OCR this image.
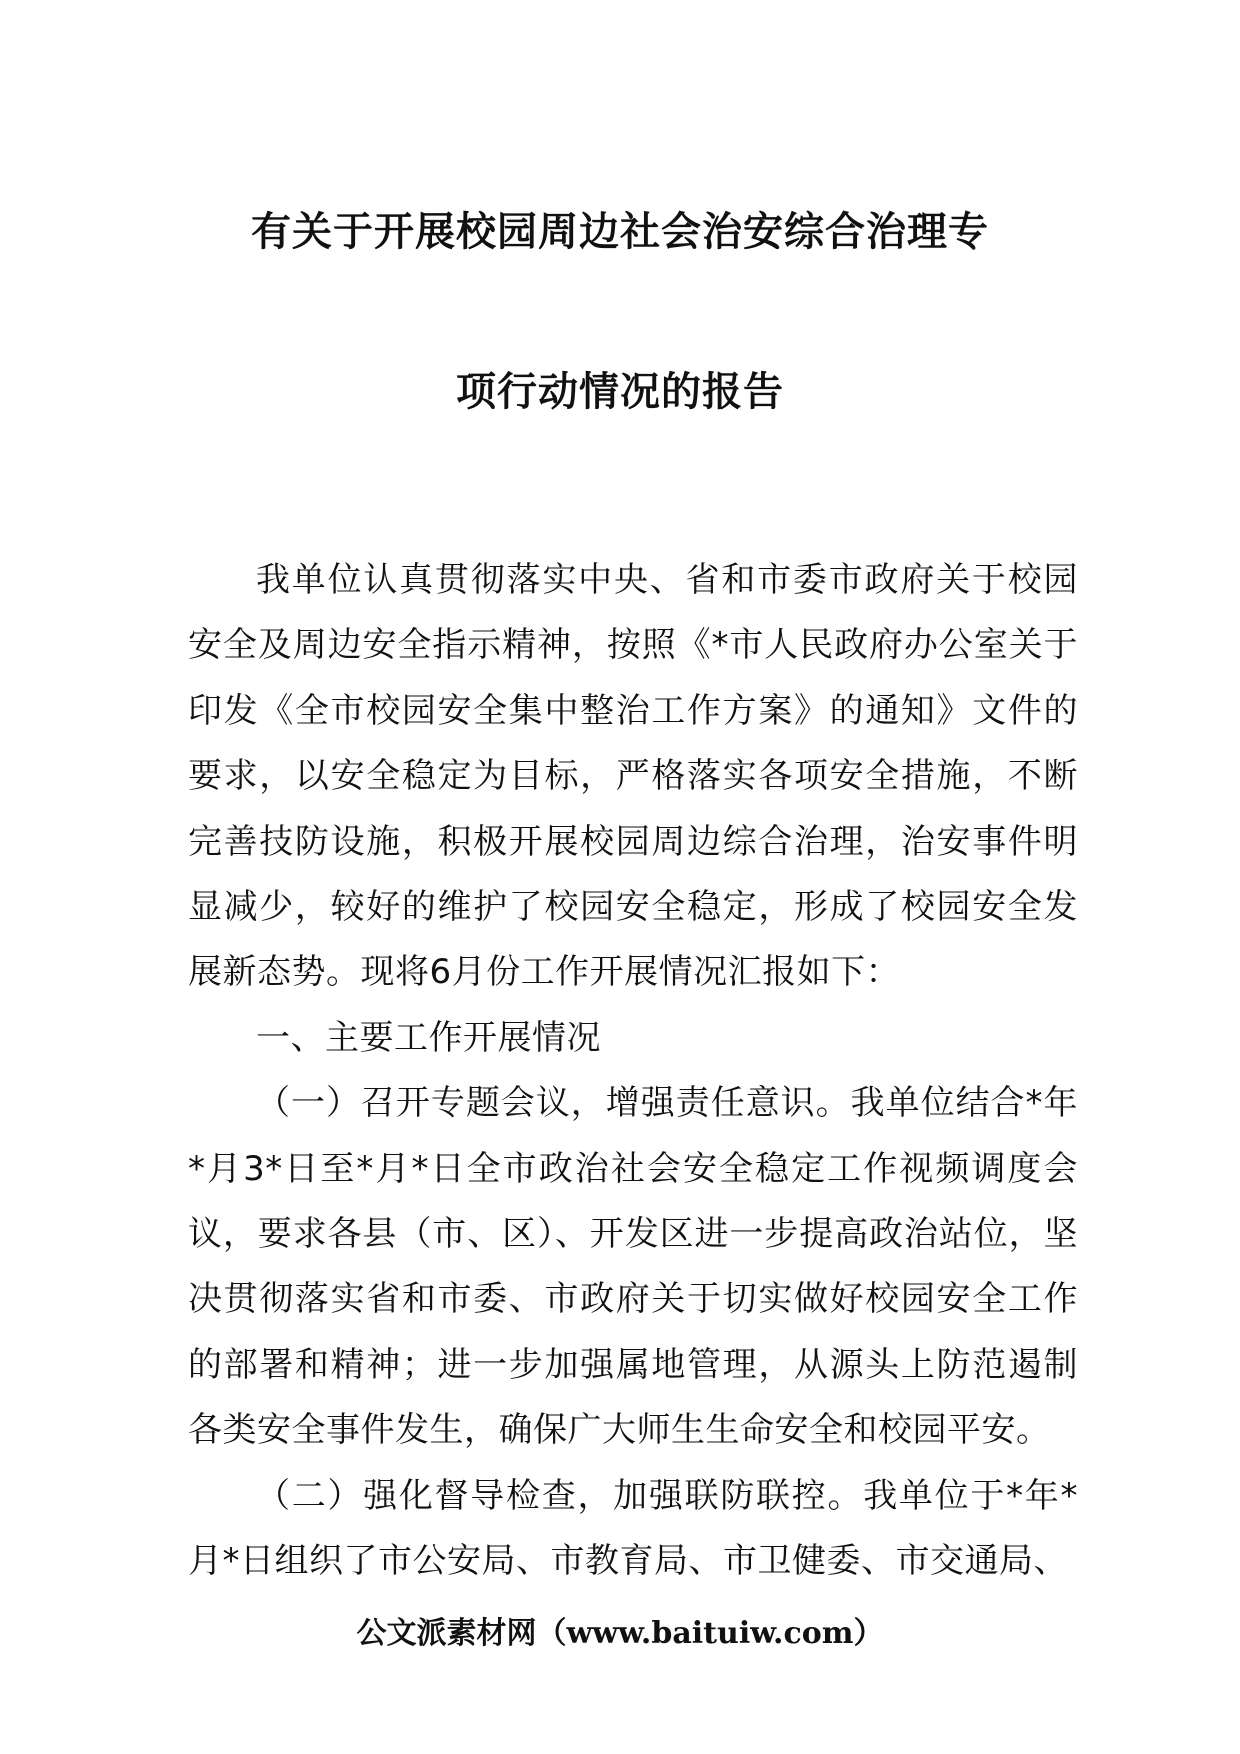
有关于开展校园周边社会治安综合治理专
项行动情况的报告

我单位认真贯彻落实中央、省和市委市政府关于校园安全及周边安全指示精神，按照《*市人民政府办公室关于印发《全市校园安全集中整治工作方案》的通知》文件的要求，以安全稳定为目标，严格落实各项安全措施，不断完善技防设施，积极开展校园周边综合治理，治安事件明显减少，较好的维护了校园安全稳定，形成了校园安全发展新态势。现将6月份工作开展情况汇报如下：

一、主要工作开展情况

（一）召开专题会议，增强责任意识。我单位结合*年*月3*日至*月*日全市政治社会安全稳定工作视频调度会议，要求各县（市、区）、开发区进一步提高政治站位，坚决贯彻落实省和市委、市政府关于切实做好校园安全工作的部署和精神；进一步加强属地管理，从源头上防范遏制各类安全事件发生，确保广大师生生命安全和校园平安。

（二）强化督导检查，加强联防联控。我单位于*年*月*日组织了市公安局、市教育局、市卫健委、市交通局、

公文派素材网（www.baituiw.com）
